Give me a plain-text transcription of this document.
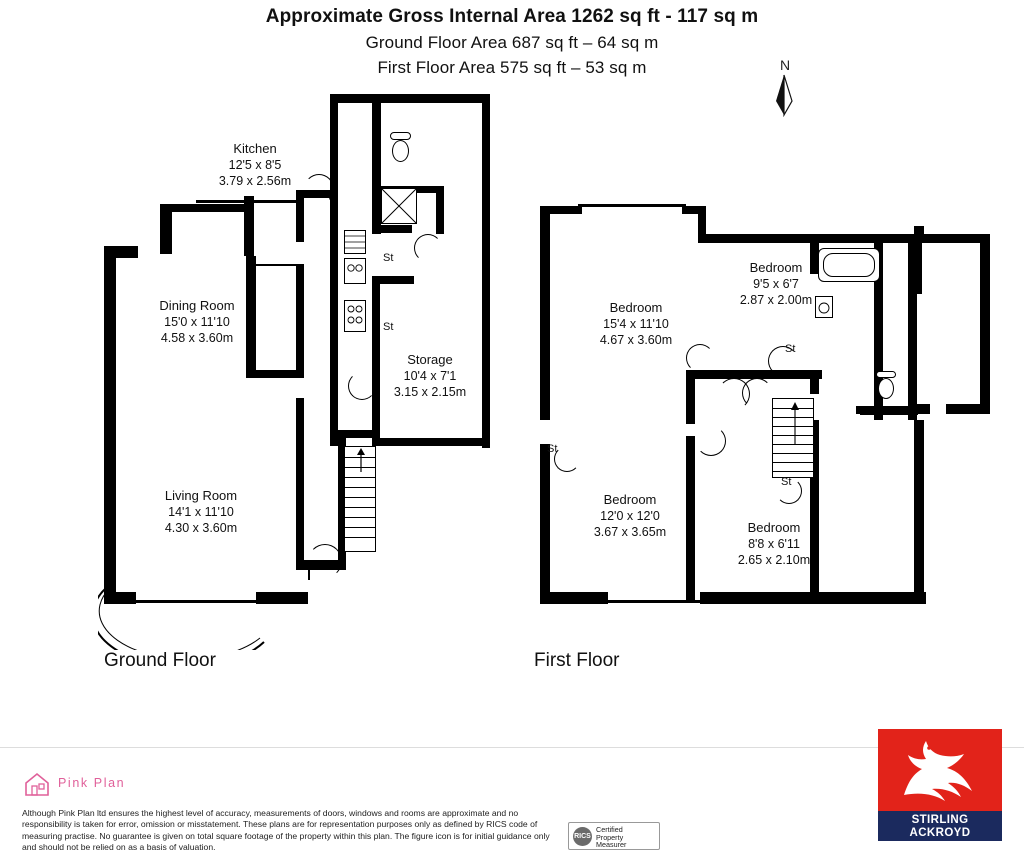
Approximate Gross Internal Area 1262 sq ft - 117 sq m
Ground Floor Area 687 sq ft – 64 sq m
First Floor Area 575 sq ft – 53 sq m	N
Kitchen
12'5 x 8'5
3.79 x 2.56m
Dining Room
15'0 x 11'10
4.58 x 3.60m
Living Room
14'1 x 11'10
4.30 x 3.60m
Storage
10'4 x 7'1
3.15 x 2.15m
St
St
Ground Floor
Bedroom
15'4 x 11'10
4.67 x 3.60m
Bedroom
9'5 x 6'7
2.87 x 2.00m
Bedroom
12'0 x 12'0
3.67 x 3.65m	Bedroom
8'8 x 6'11
2.65 x 2.10m
St
St
St
First Floor
Pink Plan
Although Pink Plan ltd ensures the highest level of accuracy, measurements of doors, windows and rooms are approximate and no responsibility is taken for error, omission or misstatement. These plans are for representation purposes only as defined by RICS code of measuring practise. No guarantee is given on total square footage of the property within this plan. The figure icon is for initial guidance only and should not be relied on as a basis of valuation.
RICS
Certified
Property
Measurer
STIRLING
ACKROYD
